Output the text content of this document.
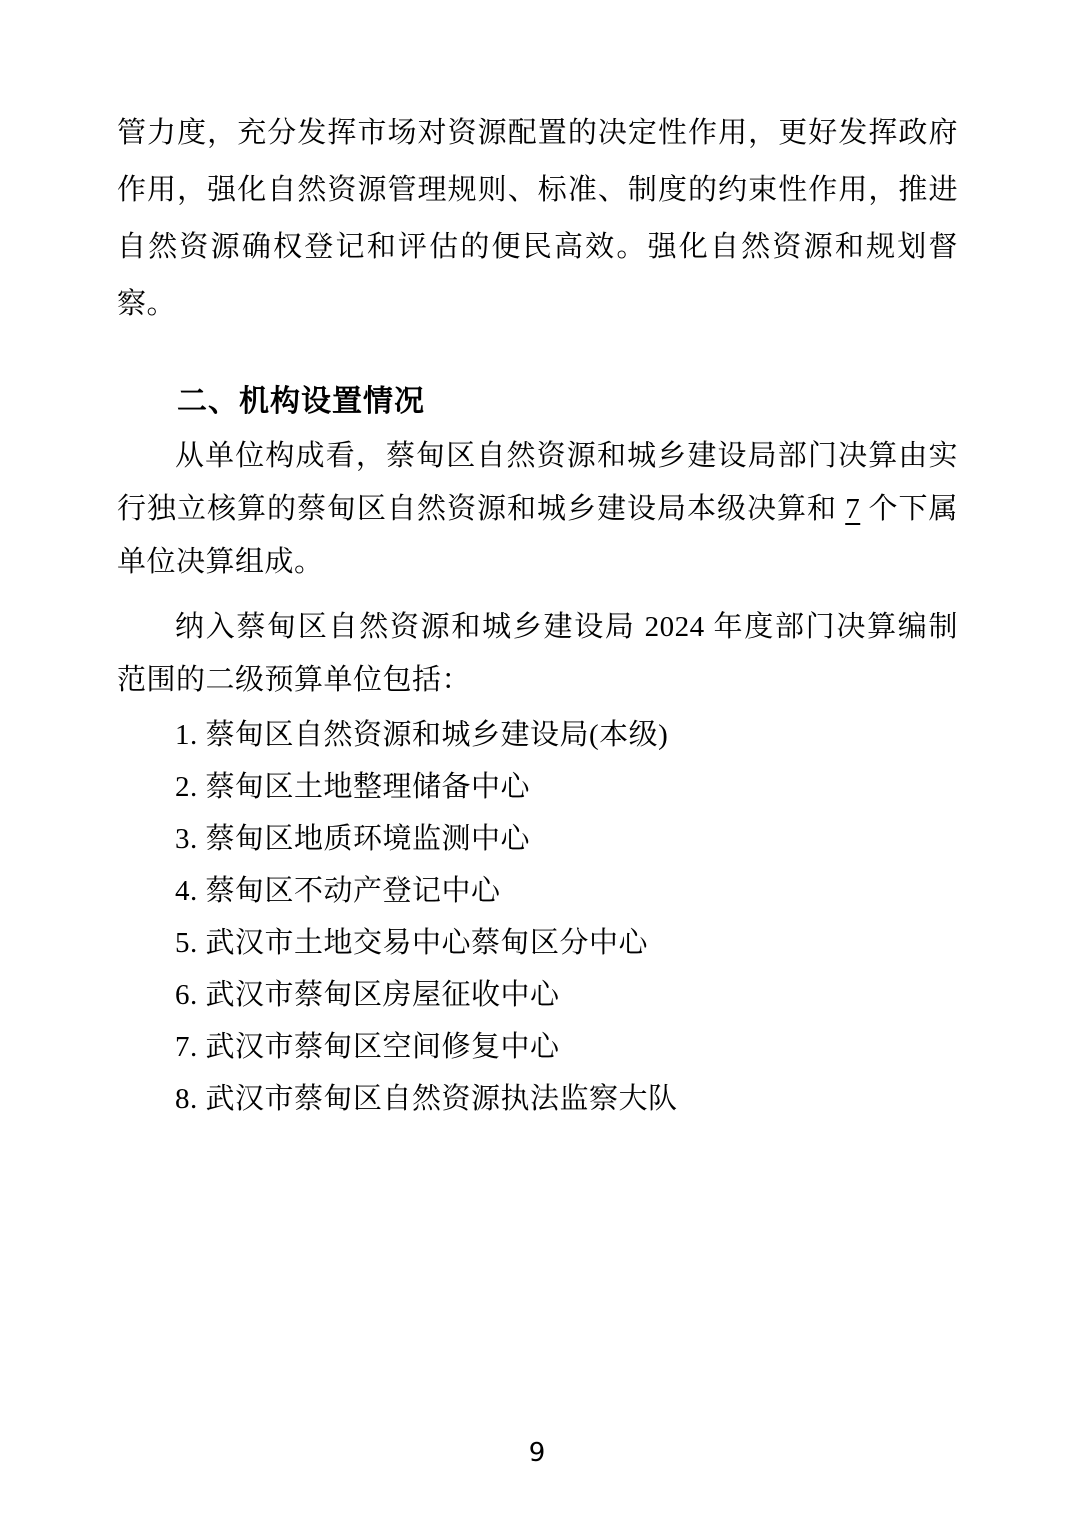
管力度，充分发挥市场对资源配置的决定性作用，更好发挥政府作用，强化自然资源管理规则、标准、制度的约束性作用，推进自然资源确权登记和评估的便民高效。强化自然资源和规划督察。

二、机构设置情况

从单位构成看，蔡甸区自然资源和城乡建设局部门决算由实行独立核算的蔡甸区自然资源和城乡建设局本级决算和 7 个下属单位决算组成。

纳入蔡甸区自然资源和城乡建设局 2024 年度部门决算编制范围的二级预算单位包括：

1. 蔡甸区自然资源和城乡建设局(本级)

2. 蔡甸区土地整理储备中心

3. 蔡甸区地质环境监测中心

4. 蔡甸区不动产登记中心

5. 武汉市土地交易中心蔡甸区分中心

6. 武汉市蔡甸区房屋征收中心

7. 武汉市蔡甸区空间修复中心

8. 武汉市蔡甸区自然资源执法监察大队

9
